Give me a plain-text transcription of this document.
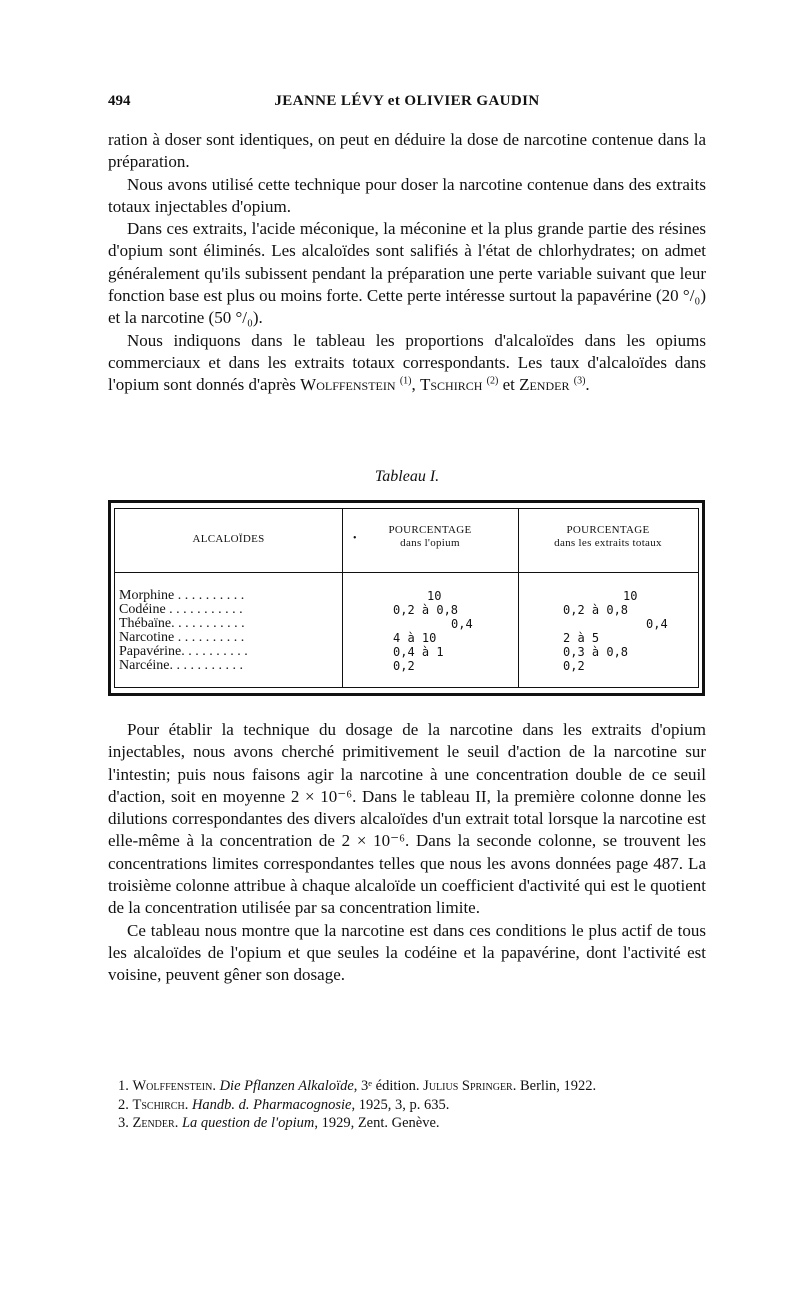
494	JEANNE LÉVY et OLIVIER GAUDIN

ration à doser sont identiques, on peut en déduire la dose de narcotine contenue dans la préparation.

Nous avons utilisé cette technique pour doser la narcotine contenue dans des extraits totaux injectables d'opium.

Dans ces extraits, l'acide méconique, la méconine et la plus grande partie des résines d'opium sont éliminés. Les alcaloïdes sont salifiés à l'état de chlorhydrates; on admet généralement qu'ils subissent pendant la préparation une perte variable suivant que leur fonction base est plus ou moins forte. Cette perte intéresse surtout la papavérine (20 °/₀) et la narcotine (50 °/₀).

Nous indiquons dans le tableau les proportions d'alcaloïdes dans les opiums commerciaux et dans les extraits totaux correspondants. Les taux d'alcaloïdes dans l'opium sont donnés d'après Wolffenstein $^{(1)}$, Tschirch $^{(2)}$ et Zender $^{(3)}$.

Tableau I.
ALCALOÏDES
POURCENTAGE
dans l'opium
•
POURCENTAGE
dans les extraits totaux
Morphine . . . . . . . . . .	10	10
Codéine . . . . . . . . . . .	0,2 à 0,8	0,2 à 0,8
Thébaïne. . . . . . . . . . .	0,4	0,4
Narcotine . . . . . . . . . .	4 à 10	2 à 5
Papavérine. . . . . . . . . .	0,4 à 1	0,3 à 0,8
Narcéine. . . . . . . . . . .	0,2	0,2

Pour établir la technique du dosage de la narcotine dans les extraits d'opium injectables, nous avons cherché primitivement le seuil d'action de la narcotine sur l'intestin; puis nous faisons agir la narcotine à une concentration double de ce seuil d'action, soit en moyenne 2 × 10⁻⁶. Dans le tableau II, la première colonne donne les dilutions correspondantes des divers alcaloïdes d'un extrait total lorsque la narcotine est elle-même à la concentration de 2 × 10⁻⁶. Dans la seconde colonne, se trouvent les concentrations limites correspondantes telles que nous les avons données page 487. La troisième colonne attribue à chaque alcaloïde un coefficient d'activité qui est le quotient de la concentration utilisée par sa concentration limite.

Ce tableau nous montre que la narcotine est dans ces conditions le plus actif de tous les alcaloïdes de l'opium et que seules la codéine et la papavérine, dont l'activité est voisine, peuvent gêner son dosage.

1. Wolffenstein. Die Pflanzen Alkaloïde, 3ᵉ édition. Julius Springer. Berlin, 1922.

2. Tschirch. Handb. d. Pharmacognosie, 1925, 3, p. 635.

3. Zender. La question de l'opium, 1929, Zent. Genève.
